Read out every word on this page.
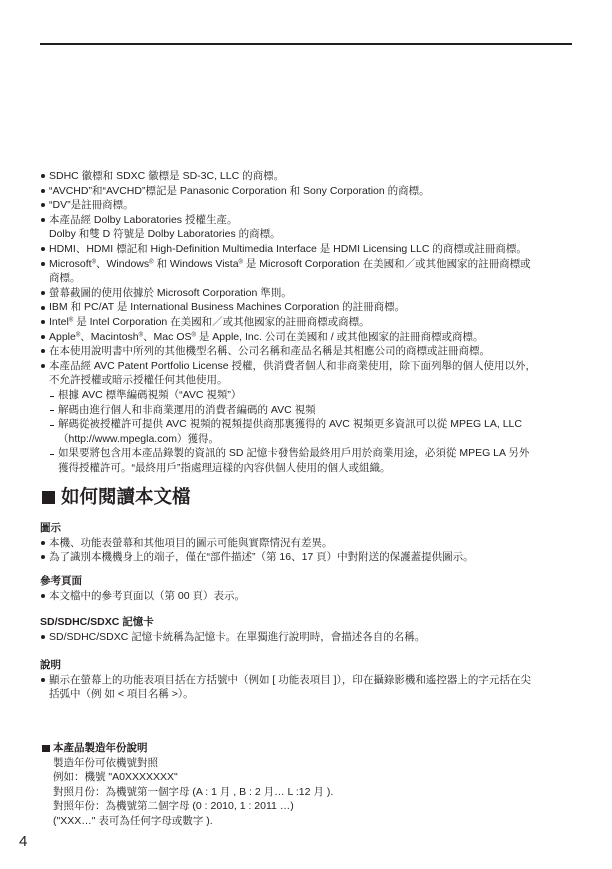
SDHC 徽標和 SDXC 徽標是 SD-3C, LLC 的商標。
“AVCHD”和“AVCHD”標記是 Panasonic Corporation 和 Sony Corporation 的商標。
“DV”是註冊商標。
本產品經 Dolby Laboratories 授權生產。
Dolby 和雙 D 符號是 Dolby Laboratories 的商標。
HDMI、HDMI 標記和 High-Definition Multimedia Interface 是 HDMI Licensing LLC 的商標或註冊商標。
Microsoft®、Windows® 和 Windows Vista® 是 Microsoft Corporation 在美國和／或其他國家的註冊商標或
商標。
螢幕截圖的使用依據於 Microsoft Corporation 準則。
IBM 和 PC/AT 是 International Business Machines Corporation 的註冊商標。
Intel® 是 Intel Corporation 在美國和／或其他國家的註冊商標或商標。
Apple®、Macintosh®、Mac OS® 是 Apple, Inc. 公司在美國和 / 或其他國家的註冊商標或商標。
在本使用說明書中所列的其他機型名稱、公司名稱和產品名稱是其相應公司的商標或註冊商標。
本產品經 AVC Patent Portfolio License 授權，供消費者個人和非商業使用，除下面列舉的個人使用以外，
不允許授權或暗示授權任何其他使用。
根據 AVC 標準編碼視頻（“AVC 視頻”）
解碼由進行個人和非商業運用的消費者編碼的 AVC 視頻
解碼從被授權許可提供 AVC 視頻的視頻提供商那裏獲得的 AVC 視頻更多資訊可以從 MPEG LA, LLC
（http://www.mpegla.com）獲得。
如果要將包含用本產品錄製的資訊的 SD 記憶卡發售給最終用戶用於商業用途，必須從 MPEG LA 另外
獲得授權許可。“最終用戶”指處理這樣的內容供個人使用的個人或組織。
如何閱讀本文檔
圖示
本機、功能表螢幕和其他項目的圖示可能與實際情況有差異。
為了識別本機機身上的端子，僅在“部件描述”（第 16、17 頁）中對附送的保護蓋提供圖示。
參考頁面
本文檔中的參考頁面以（第 00 頁）表示。
SD/SDHC/SDXC 記憶卡
SD/SDHC/SDXC 記憶卡統稱為記憶卡。在單獨進行說明時，會描述各自的名稱。
說明
顯示在螢幕上的功能表項目括在方括號中（例如 [ 功能表項目 ]），印在攝錄影機和遙控器上的字元括在尖
括弧中（例 如 < 項目名稱 >）。
本產品製造年份說明
製造年份可依機號對照
例如：機號 "A0XXXXXXX"
對照月份：為機號第一個字母 (A : 1 月 , B : 2 月… L :12 月 ).
對照年份：為機號第二個字母 (0 : 2010, 1 : 2011 …)
("XXX…" 表可為任何字母或數字 ).
4
